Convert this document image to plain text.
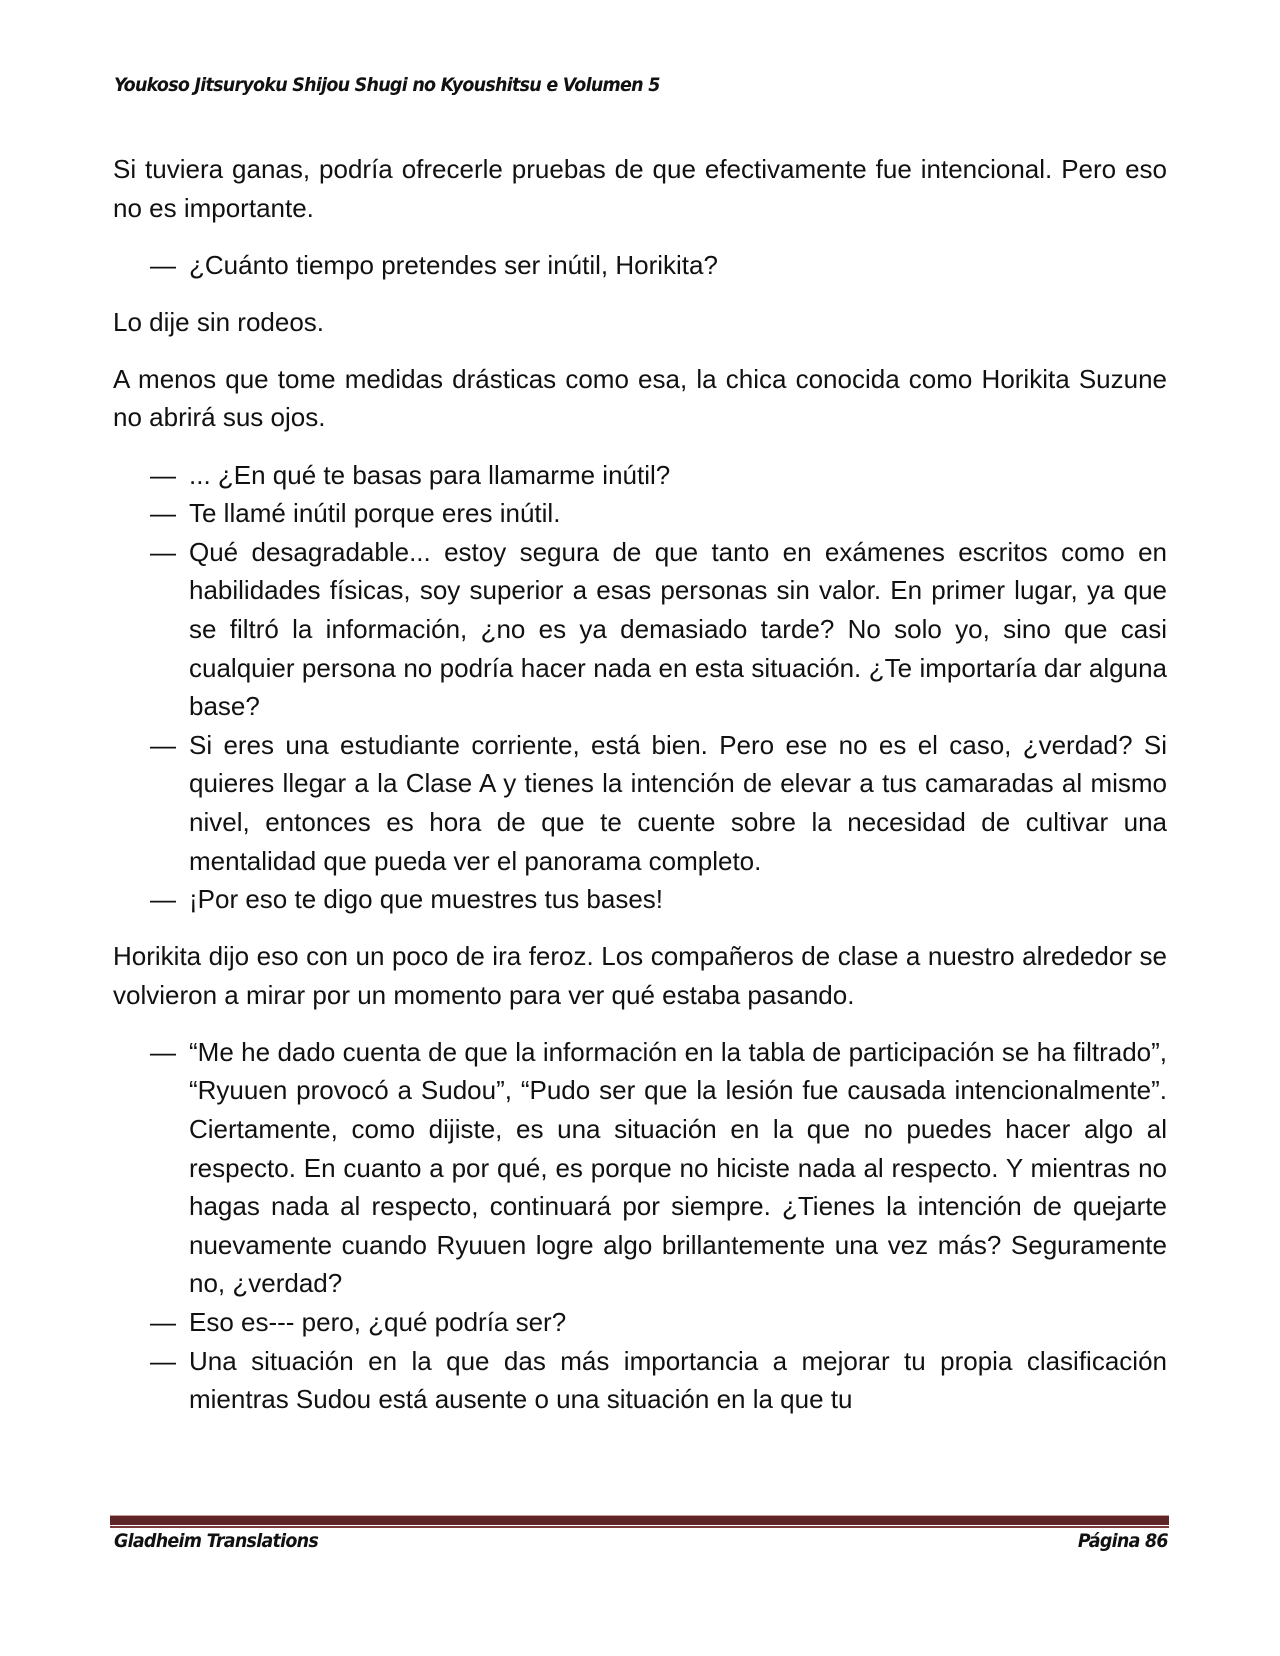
Youkoso Jitsuryoku Shijou Shugi no Kyoushitsu e Volumen 5

Si tuviera ganas, podría ofrecerle pruebas de que efectivamente fue intencional. Pero eso no es importante.

— ¿Cuánto tiempo pretendes ser inútil, Horikita?

Lo dije sin rodeos.

A menos que tome medidas drásticas como esa, la chica conocida como Horikita Suzune no abrirá sus ojos.

— ... ¿En qué te basas para llamarme inútil?

— Te llamé inútil porque eres inútil.

— Qué desagradable... estoy segura de que tanto en exámenes escritos como en habilidades físicas, soy superior a esas personas sin valor. En primer lugar, ya que se filtró la información, ¿no es ya demasiado tarde? No solo yo, sino que casi cualquier persona no podría hacer nada en esta situación. ¿Te importaría dar alguna base?

— Si eres una estudiante corriente, está bien. Pero ese no es el caso, ¿verdad? Si quieres llegar a la Clase A y tienes la intención de elevar a tus camaradas al mismo nivel, entonces es hora de que te cuente sobre la necesidad de cultivar una mentalidad que pueda ver el panorama completo.

— ¡Por eso te digo que muestres tus bases!

Horikita dijo eso con un poco de ira feroz. Los compañeros de clase a nuestro alrededor se volvieron a mirar por un momento para ver qué estaba pasando.

— “Me he dado cuenta de que la información en la tabla de participación se ha filtrado”, “Ryuuen provocó a Sudou”, “Pudo ser que la lesión fue causada intencionalmente”. Ciertamente, como dijiste, es una situación en la que no puedes hacer algo al respecto. En cuanto a por qué, es porque no hiciste nada al respecto. Y mientras no hagas nada al respecto, continuará por siempre. ¿Tienes la intención de quejarte nuevamente cuando Ryuuen logre algo brillantemente una vez más? Seguramente no, ¿verdad?

— Eso es--- pero, ¿qué podría ser?

— Una situación en la que das más importancia a mejorar tu propia clasificación mientras Sudou está ausente o una situación en la que tu

Gladheim Translations	Página 86
